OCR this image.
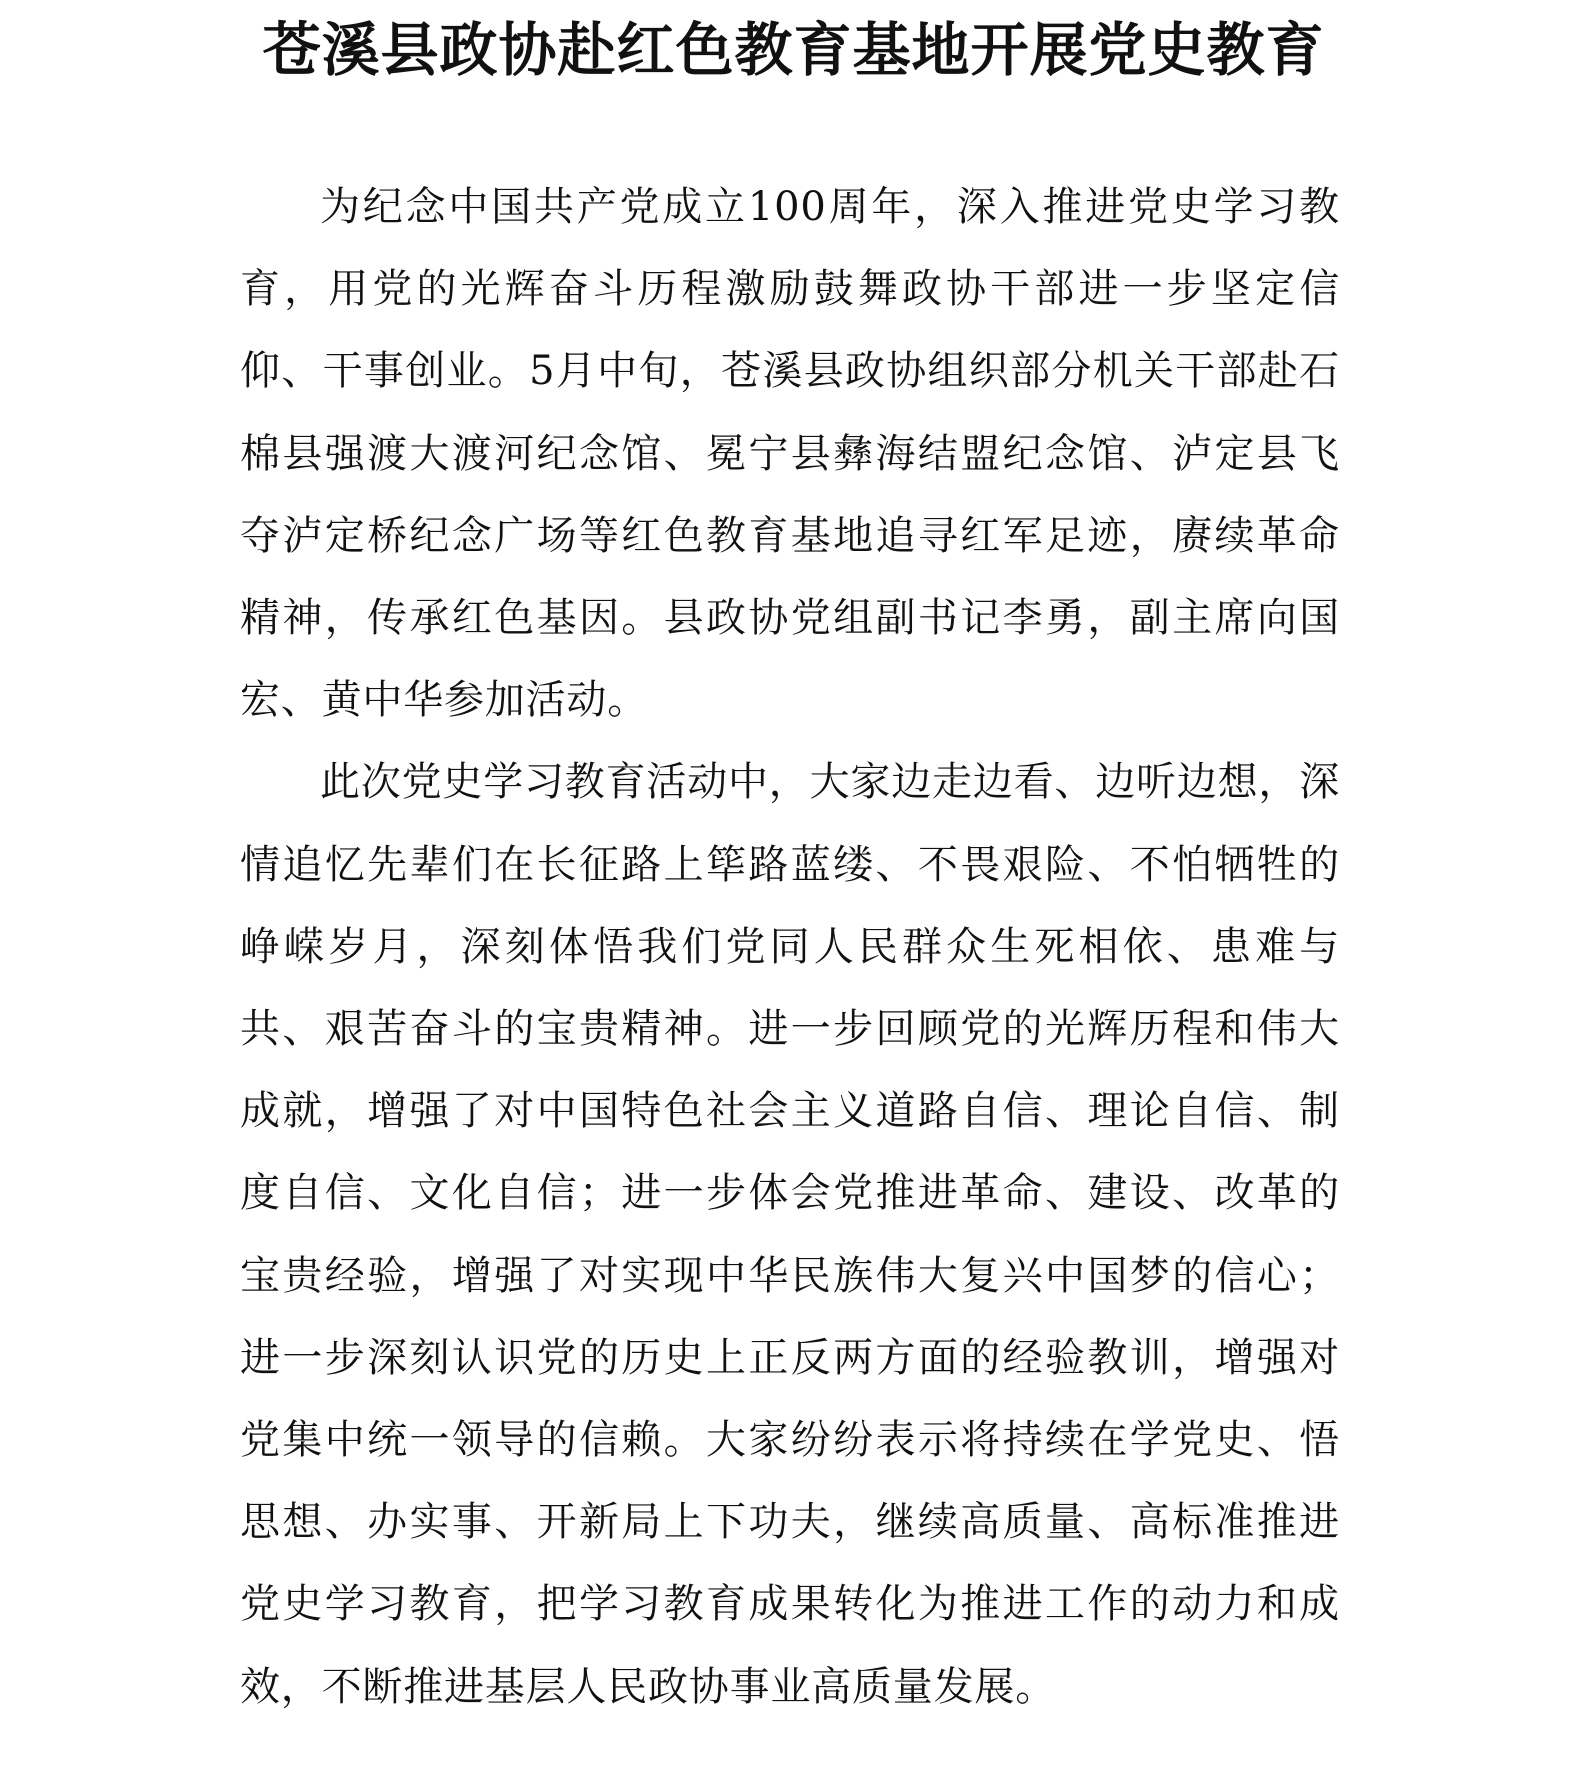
苍溪县政协赴红色教育基地开展党史教育

为纪念中国共产党成立100周年，深入推进党史学习教育，用党的光辉奋斗历程激励鼓舞政协干部进一步坚定信仰、干事创业。5月中旬，苍溪县政协组织部分机关干部赴石棉县强渡大渡河纪念馆、冕宁县彝海结盟纪念馆、泸定县飞夺泸定桥纪念广场等红色教育基地追寻红军足迹，赓续革命精神，传承红色基因。县政协党组副书记李勇，副主席向国宏、黄中华参加活动。

此次党史学习教育活动中，大家边走边看、边听边想，深情追忆先辈们在长征路上筚路蓝缕、不畏艰险、不怕牺牲的峥嵘岁月，深刻体悟我们党同人民群众生死相依、患难与共、艰苦奋斗的宝贵精神。进一步回顾党的光辉历程和伟大成就，增强了对中国特色社会主义道路自信、理论自信、制度自信、文化自信；进一步体会党推进革命、建设、改革的宝贵经验，增强了对实现中华民族伟大复兴中国梦的信心；进一步深刻认识党的历史上正反两方面的经验教训，增强对党集中统一领导的信赖。大家纷纷表示将持续在学党史、悟思想、办实事、开新局上下功夫，继续高质量、高标准推进党史学习教育，把学习教育成果转化为推进工作的动力和成效，不断推进基层人民政协事业高质量发展。
